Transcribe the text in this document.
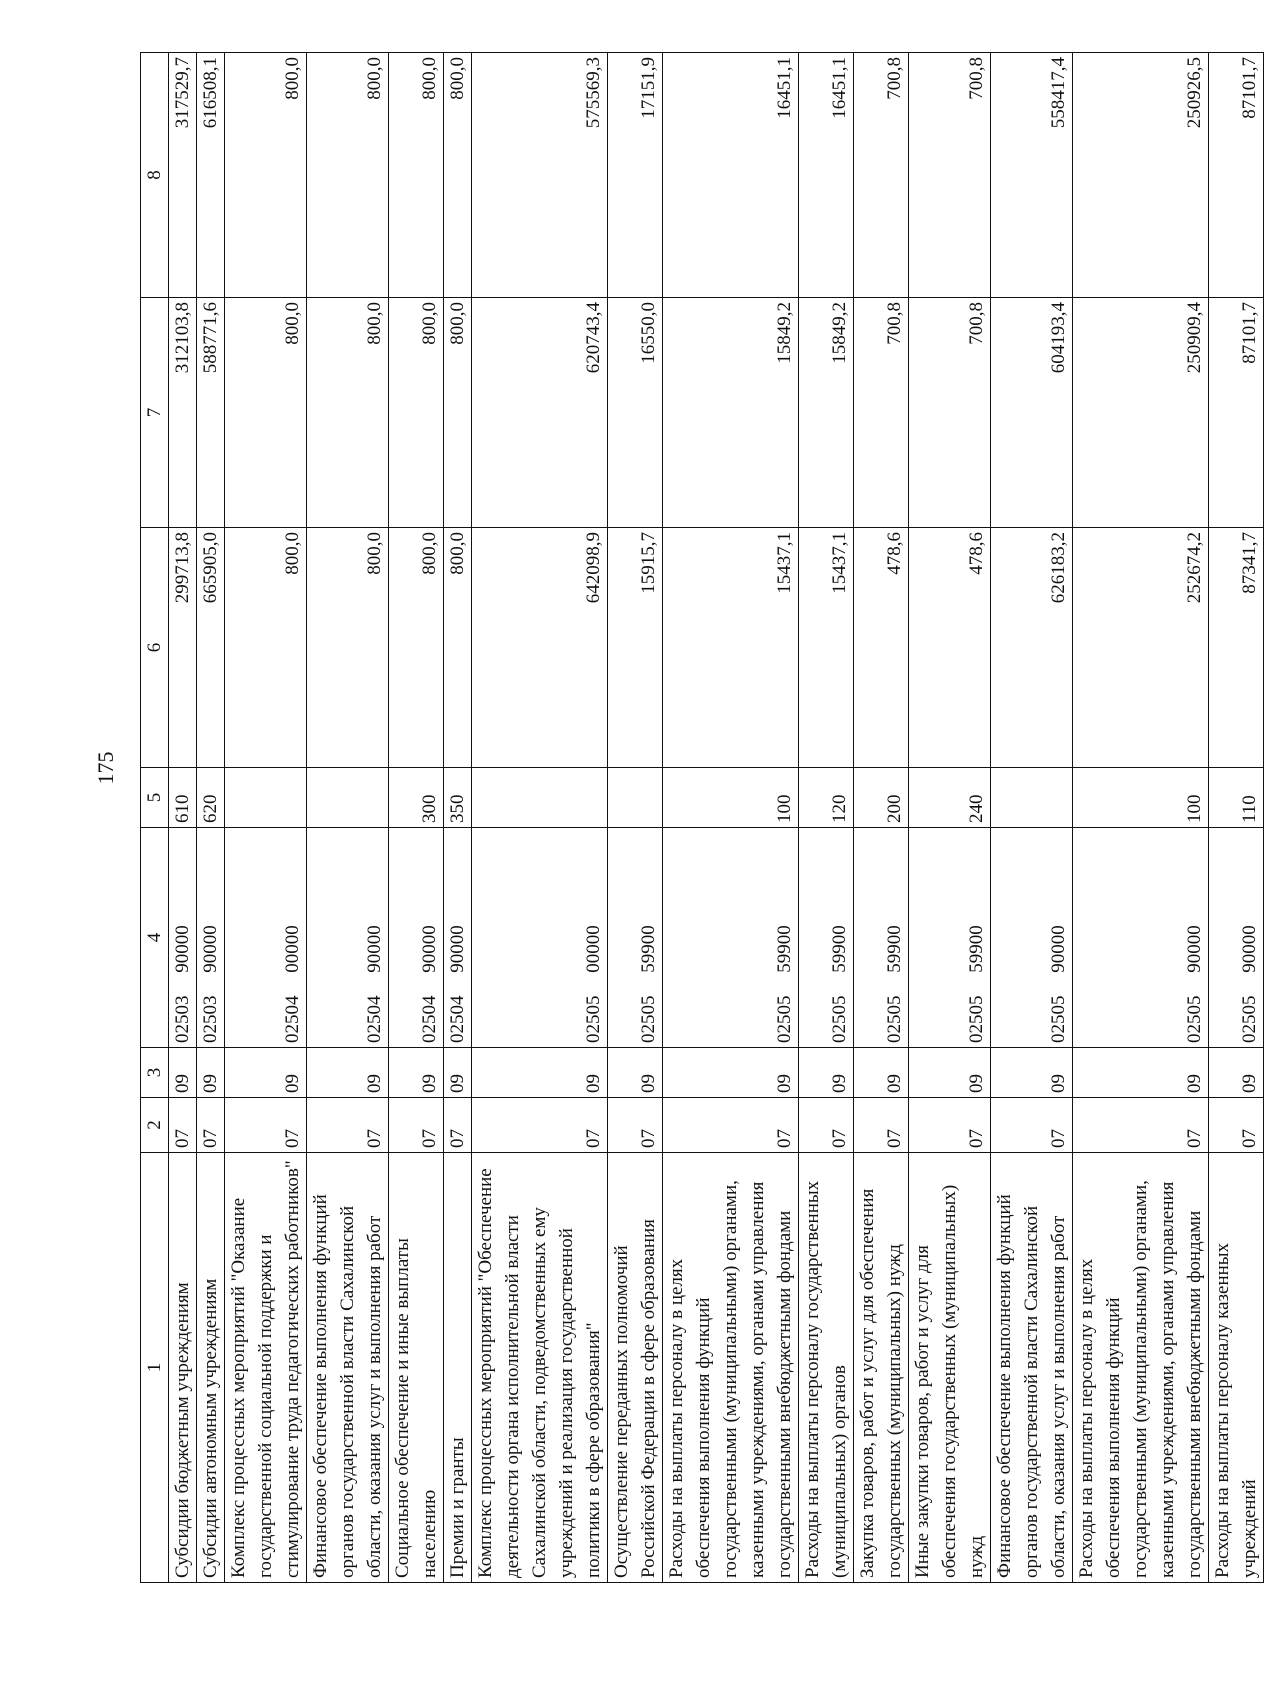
175
1	2	3	4	5	6	7	8
Субсидии бюджетным учреждениям	07	09	02503 90000	610	299713,8	312103,8	317529,7
Субсидии автономным учреждениям	07	09	02503 90000	620	665905,0	588771,6	616508,1
Комплекс процессных мероприятий "Оказание государственной социальной поддержки и стимулирование труда педагогических работников"	07	09	02504 00000		800,0	800,0	800,0
Финансовое обеспечение выполнения функций органов государственной власти Сахалинской области, оказания услуг и выполнения работ	07	09	02504 90000		800,0	800,0	800,0
Социальное обеспечение и иные выплаты населению	07	09	02504 90000	300	800,0	800,0	800,0
Премии и гранты	07	09	02504 90000	350	800,0	800,0	800,0
Комплекс процессных мероприятий "Обеспечение деятельности органа исполнительной власти Сахалинской области, подведомственных ему учреждений и реализация государственной политики в сфере образования"	07	09	02505 00000		642098,9	620743,4	575569,3
Осуществление переданных полномочий Российской Федерации в сфере образования	07	09	02505 59900		15915,7	16550,0	17151,9
Расходы на выплаты персоналу в целях обеспечения выполнения функций государственными (муниципальными) органами, казенными учреждениями, органами управления государственными внебюджетными фондами	07	09	02505 59900	100	15437,1	15849,2	16451,1
Расходы на выплаты персоналу государственных (муниципальных) органов	07	09	02505 59900	120	15437,1	15849,2	16451,1
Закупка товаров, работ и услуг для обеспечения государственных (муниципальных) нужд	07	09	02505 59900	200	478,6	700,8	700,8
Иные закупки товаров, работ и услуг для обеспечения государственных (муниципальных) нужд	07	09	02505 59900	240	478,6	700,8	700,8
Финансовое обеспечение выполнения функций органов государственной власти Сахалинской области, оказания услуг и выполнения работ	07	09	02505 90000		626183,2	604193,4	558417,4
Расходы на выплаты персоналу в целях обеспечения выполнения функций государственными (муниципальными) органами, казенными учреждениями, органами управления государственными внебюджетными фондами	07	09	02505 90000	100	252674,2	250909,4	250926,5
Расходы на выплаты персоналу казенных учреждений	07	09	02505 90000	110	87341,7	87101,7	87101,7
